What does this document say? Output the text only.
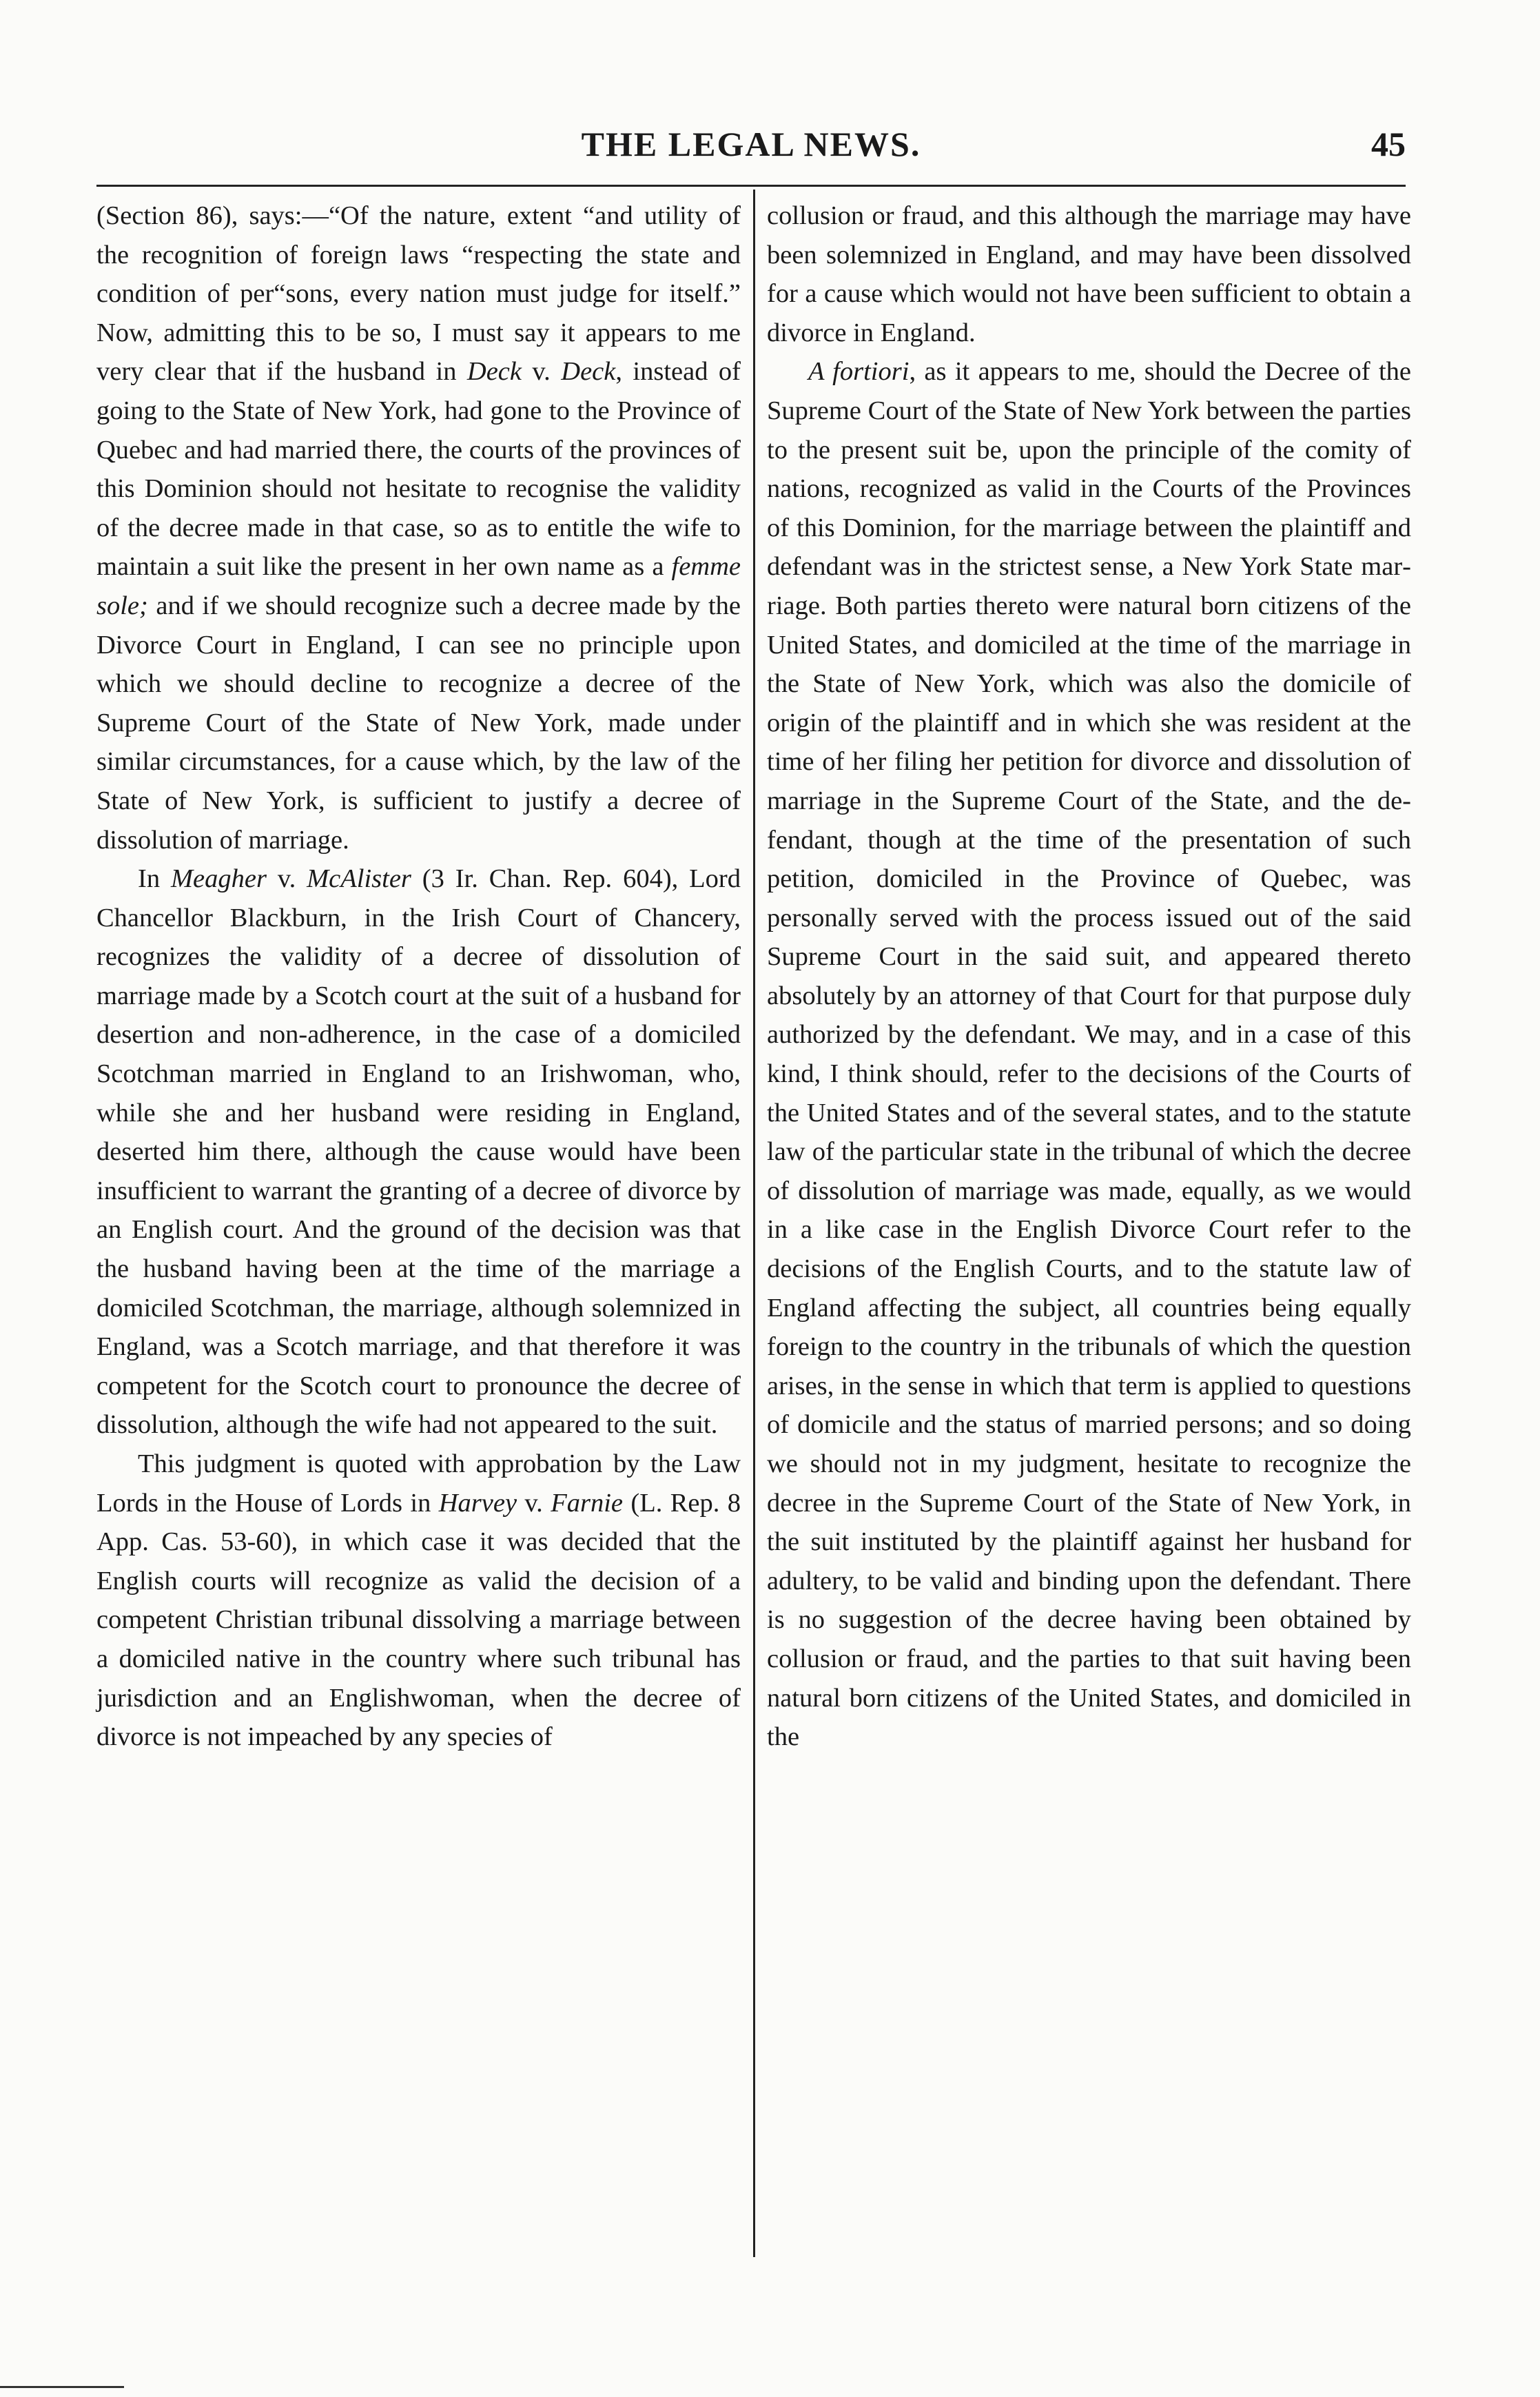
THE LEGAL NEWS.	45

(Section 86), says:—“Of the nature, extent “and utility of the recognition of foreign laws “respecting the state and condition of per“sons, every nation must judge for itself.” Now, admitting this to be so, I must say it appears to me very clear that if the husband in Deck v. Deck, instead of going to the State of New York, had gone to the Province of Quebec and had married there, the courts of the provinces of this Dominion should not hesitate to recognise the validity of the decree made in that case, so as to entitle the wife to maintain a suit like the present in her own name as a femme sole; and if we should recognize such a decree made by the Divorce Court in England, I can see no principle upon which we should decline to recognize a decree of the Supreme Court of the State of New York, made under similar circumstances, for a cause which, by the law of the State of New York, is sufficient to justify a decree of dissolution of marriage.

In Meagher v. McAlister (3 Ir. Chan. Rep. 604), Lord Chancellor Blackburn, in the Irish Court of Chancery, recognizes the validity of a decree of dissolution of marriage made by a Scotch court at the suit of a husband for desertion and non-adherence, in the case of a domiciled Scotchman married in England to an Irishwoman, who, while she and her husband were residing in England, deserted him there, although the cause would have been insufficient to warrant the granting of a decree of divorce by an English court. And the ground of the decision was that the husband having been at the time of the marriage a domiciled Scotchman, the marriage, although solemnized in England, was a Scotch marriage, and that therefore it was competent for the Scotch court to pronounce the decree of dissolution, although the wife had not appeared to the suit.

This judgment is quoted with approbation by the Law Lords in the House of Lords in Harvey v. Farnie (L. Rep. 8 App. Cas. 53-60), in which case it was decided that the English courts will recognize as valid the decision of a competent Christian tribunal dissolving a marriage between a domiciled native in the country where such tribunal has jurisdiction and an Englishwoman, when the decree of divorce is not impeached by any species of

collusion or fraud, and this although the marriage may have been solemnized in England, and may have been dissolved for a cause which would not have been sufficient to obtain a divorce in England.

A fortiori, as it appears to me, should the Decree of the Supreme Court of the State of New York between the parties to the present suit be, upon the principle of the comity of nations, recognized as valid in the Courts of the Provinces of this Dominion, for the marriage between the plaintiff and defendant was in the strictest sense, a New York State marriage. Both parties thereto were natural born citizens of the United States, and domiciled at the time of the marriage in the State of New York, which was also the domicile of origin of the plaintiff and in which she was resident at the time of her filing her petition for divorce and dissolution of marriage in the Supreme Court of the State, and the defendant, though at the time of the presentation of such petition, domiciled in the Province of Quebec, was personally served with the process issued out of the said Supreme Court in the said suit, and appeared thereto absolutely by an attorney of that Court for that purpose duly authorized by the defendant. We may, and in a case of this kind, I think should, refer to the decisions of the Courts of the United States and of the several states, and to the statute law of the particular state in the tribunal of which the decree of dissolution of marriage was made, equally, as we would in a like case in the English Divorce Court refer to the decisions of the English Courts, and to the statute law of England affecting the subject, all countries being equally foreign to the country in the tribunals of which the question arises, in the sense in which that term is applied to questions of domicile and the status of married persons; and so doing we should not in my judgment, hesitate to recognize the decree in the Supreme Court of the State of New York, in the suit instituted by the plaintiff against her husband for adultery, to be valid and binding upon the defendant. There is no suggestion of the decree having been obtained by collusion or fraud, and the parties to that suit having been natural born citizens of the United States, and domiciled in the
